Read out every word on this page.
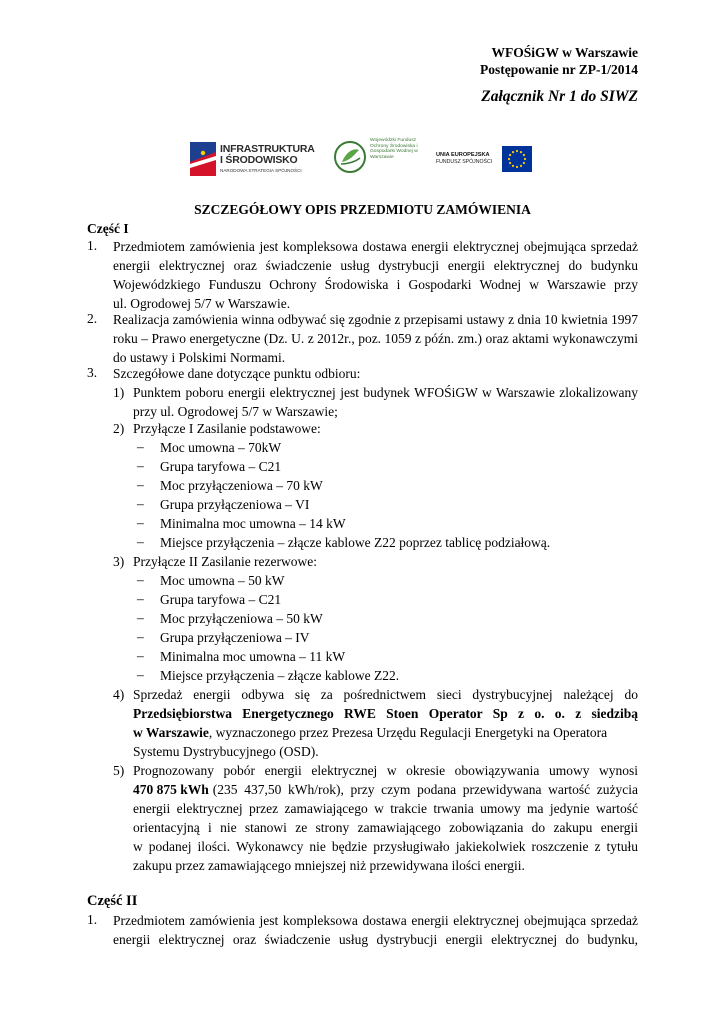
WFOŚiGW w Warszawie
Postępowanie nr ZP-1/2014
Załącznik Nr 1 do SIWZ
INFRASTRUKTURA
I ŚRODOWISKO
NARODOWA STRATEGIA SPÓJNOŚCI
Wojewódzki Fundusz Ochrony Środowiska i Gospodarki Wodnej w Warszawie	UNIA EUROPEJSKA
FUNDUSZ SPÓJNOŚCI
SZCZEGÓŁOWY OPIS PRZEDMIOTU ZAMÓWIENIA
Część I
1. Przedmiotem zamówienia jest kompleksowa dostawa energii elektrycznej obejmująca sprzedaż
energii elektrycznej oraz świadczenie usług dystrybucji energii elektrycznej do budynku
Wojewódzkiego Funduszu Ochrony Środowiska i Gospodarki Wodnej w Warszawie przy
ul. Ogrodowej 5/7 w Warszawie.
2. Realizacja zamówienia winna odbywać się zgodnie z przepisami ustawy z dnia 10 kwietnia 1997
roku – Prawo energetyczne (Dz. U. z 2012r., poz. 1059 z późn. zm.) oraz aktami wykonawczymi
do ustawy i Polskimi Normami.
3. Szczegółowe dane dotyczące punktu odbioru:
1) Punktem poboru energii elektrycznej jest budynek WFOŚiGW w Warszawie zlokalizowany
przy ul. Ogrodowej 5/7 w Warszawie;
2) Przyłącze I Zasilanie podstawowe:
– Moc umowna – 70kW
– Grupa taryfowa – C21
– Moc przyłączeniowa – 70 kW
– Grupa przyłączeniowa – VI
– Minimalna moc umowna – 14 kW
– Miejsce przyłączenia – złącze kablowe Z22 poprzez tablicę podziałową.
3) Przyłącze II Zasilanie rezerwowe:
– Moc umowna – 50 kW
– Grupa taryfowa – C21
– Moc przyłączeniowa – 50 kW
– Grupa przyłączeniowa – IV
– Minimalna moc umowna – 11 kW
– Miejsce przyłączenia – złącze kablowe Z22.
4) Sprzedaż energii odbywa się za pośrednictwem sieci dystrybucyjnej należącej do
Przedsiębiorstwa Energetycznego RWE Stoen Operator Sp z o. o. z siedzibą
w Warszawie, wyznaczonego przez Prezesa Urzędu Regulacji Energetyki na Operatora
Systemu Dystrybucyjnego (OSD).
5) Prognozowany pobór energii elektrycznej w okresie obowiązywania umowy wynosi
470 875 kWh (235 437,50 kWh/rok), przy czym podana przewidywana wartość zużycia
energii elektrycznej przez zamawiającego w trakcie trwania umowy ma jedynie wartość
orientacyjną i nie stanowi ze strony zamawiającego zobowiązania do zakupu energii
w podanej ilości. Wykonawcy nie będzie przysługiwało jakiekolwiek roszczenie z tytułu
zakupu przez zamawiającego mniejszej niż przewidywana ilości energii.
Część II
1. Przedmiotem zamówienia jest kompleksowa dostawa energii elektrycznej obejmująca sprzedaż
energii elektrycznej oraz świadczenie usług dystrybucji energii elektrycznej do budynku,
